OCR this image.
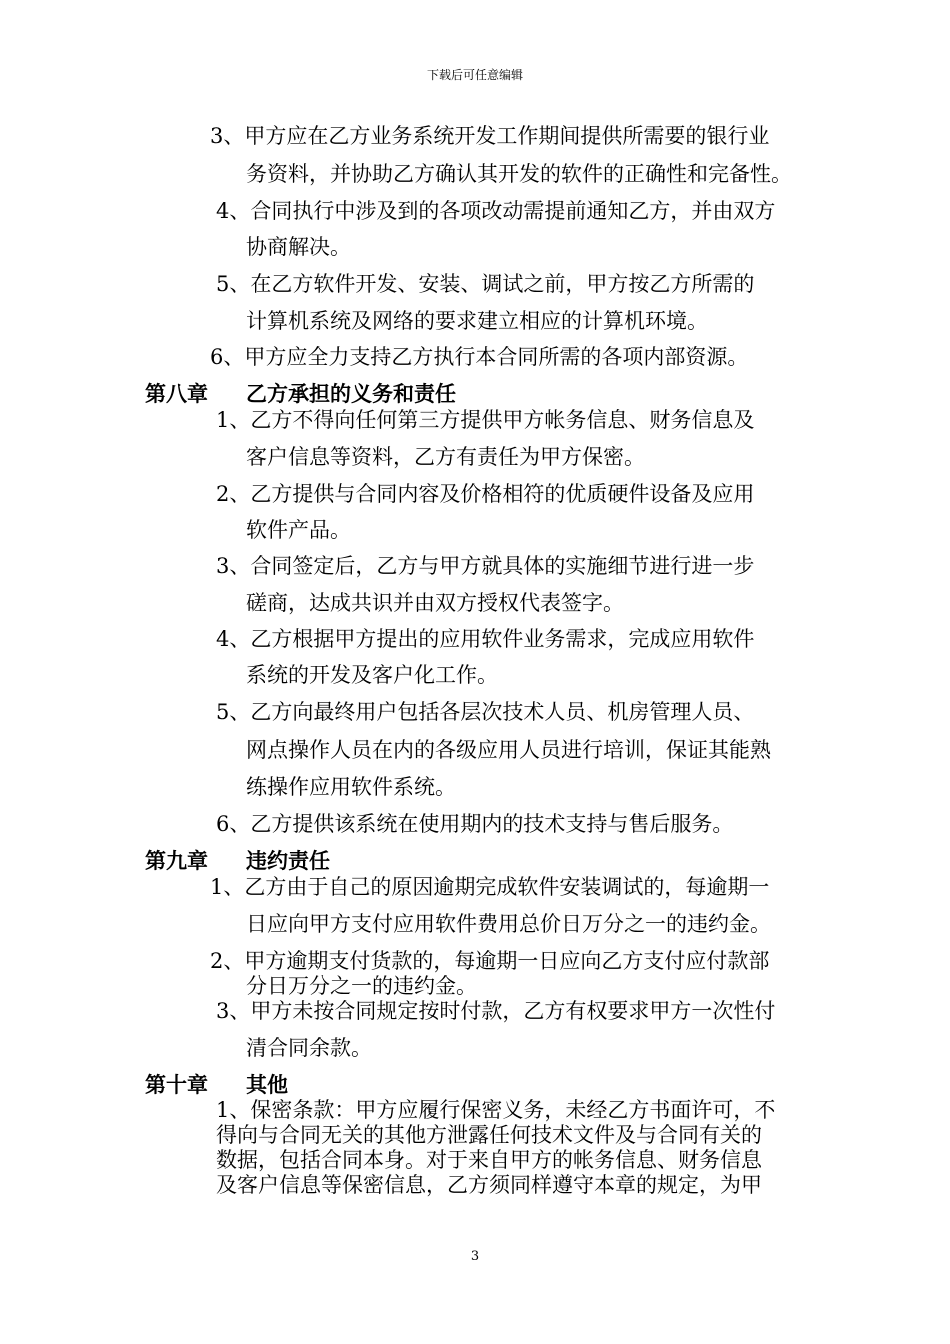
下载后可任意编辑
3、甲方应在乙方业务系统开发工作期间提供所需要的银行业
务资料，并协助乙方确认其开发的软件的正确性和完备性。
4、合同执行中涉及到的各项改动需提前通知乙方，并由双方
协商解决。
5、在乙方软件开发、安装、调试之前，甲方按乙方所需的
计算机系统及网络的要求建立相应的计算机环境。
6、甲方应全力支持乙方执行本合同所需的各项内部资源。
第八章 乙方承担的义务和责任
1、乙方不得向任何第三方提供甲方帐务信息、财务信息及
客户信息等资料，乙方有责任为甲方保密。
2、乙方提供与合同内容及价格相符的优质硬件设备及应用
软件产品。
3、合同签定后，乙方与甲方就具体的实施细节进行进一步
磋商，达成共识并由双方授权代表签字。
4、乙方根据甲方提出的应用软件业务需求，完成应用软件
系统的开发及客户化工作。
5、乙方向最终用户包括各层次技术人员、机房管理人员、
网点操作人员在内的各级应用人员进行培训，保证其能熟
练操作应用软件系统。
6、乙方提供该系统在使用期内的技术支持与售后服务。
第九章 违约责任
1、乙方由于自己的原因逾期完成软件安装调试的，每逾期一
日应向甲方支付应用软件费用总价日万分之一的违约金。
2、甲方逾期支付货款的，每逾期一日应向乙方支付应付款部
分日万分之一的违约金。
3、甲方未按合同规定按时付款，乙方有权要求甲方一次性付
清合同余款。
第十章 其他
1、保密条款：甲方应履行保密义务，未经乙方书面许可，不
得向与合同无关的其他方泄露任何技术文件及与合同有关的
数据，包括合同本身。对于来自甲方的帐务信息、财务信息
及客户信息等保密信息，乙方须同样遵守本章的规定，为甲
3
